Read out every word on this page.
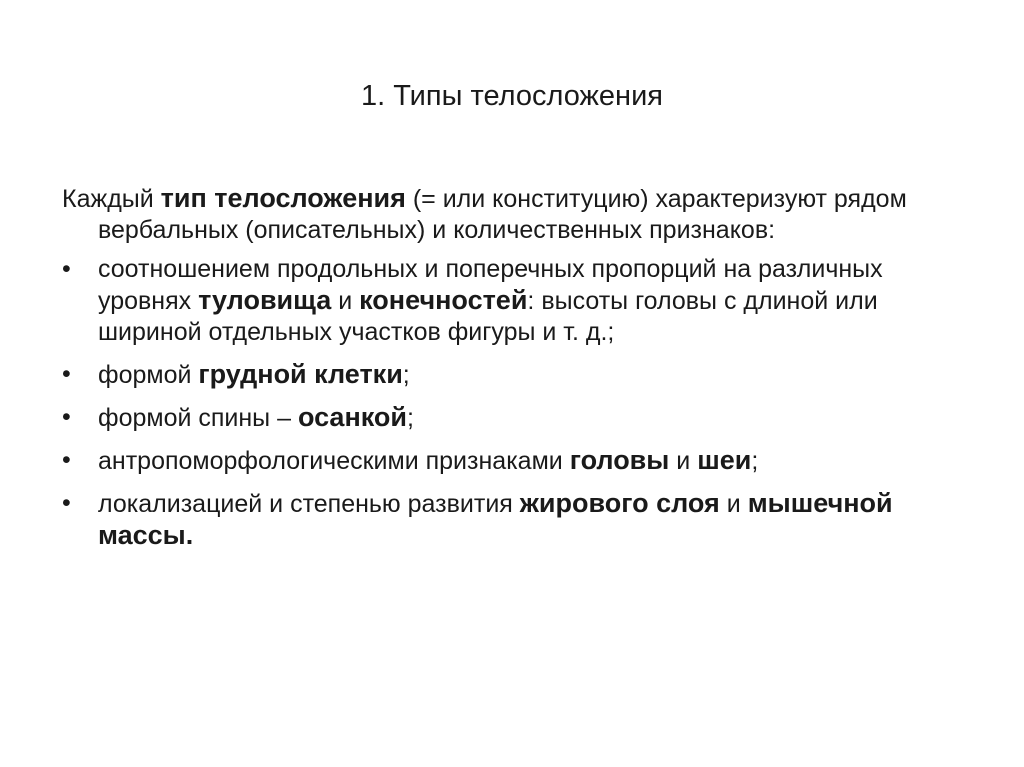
1. Типы телосложения

Каждый тип телосложения (= или конституцию) характеризуют рядом вербальных (описательных) и количественных признаков:

•	соотношением продольных и поперечных пропорций на различных уровнях туловища и конечностей: высоты головы с длиной или шириной отдельных участков фигуры и т. д.;
•	формой грудной клетки;
•	формой спины – осанкой;
•	антропоморфологическими признаками головы и шеи;
•	локализацией и степенью развития жирового слоя и мышечной массы.
